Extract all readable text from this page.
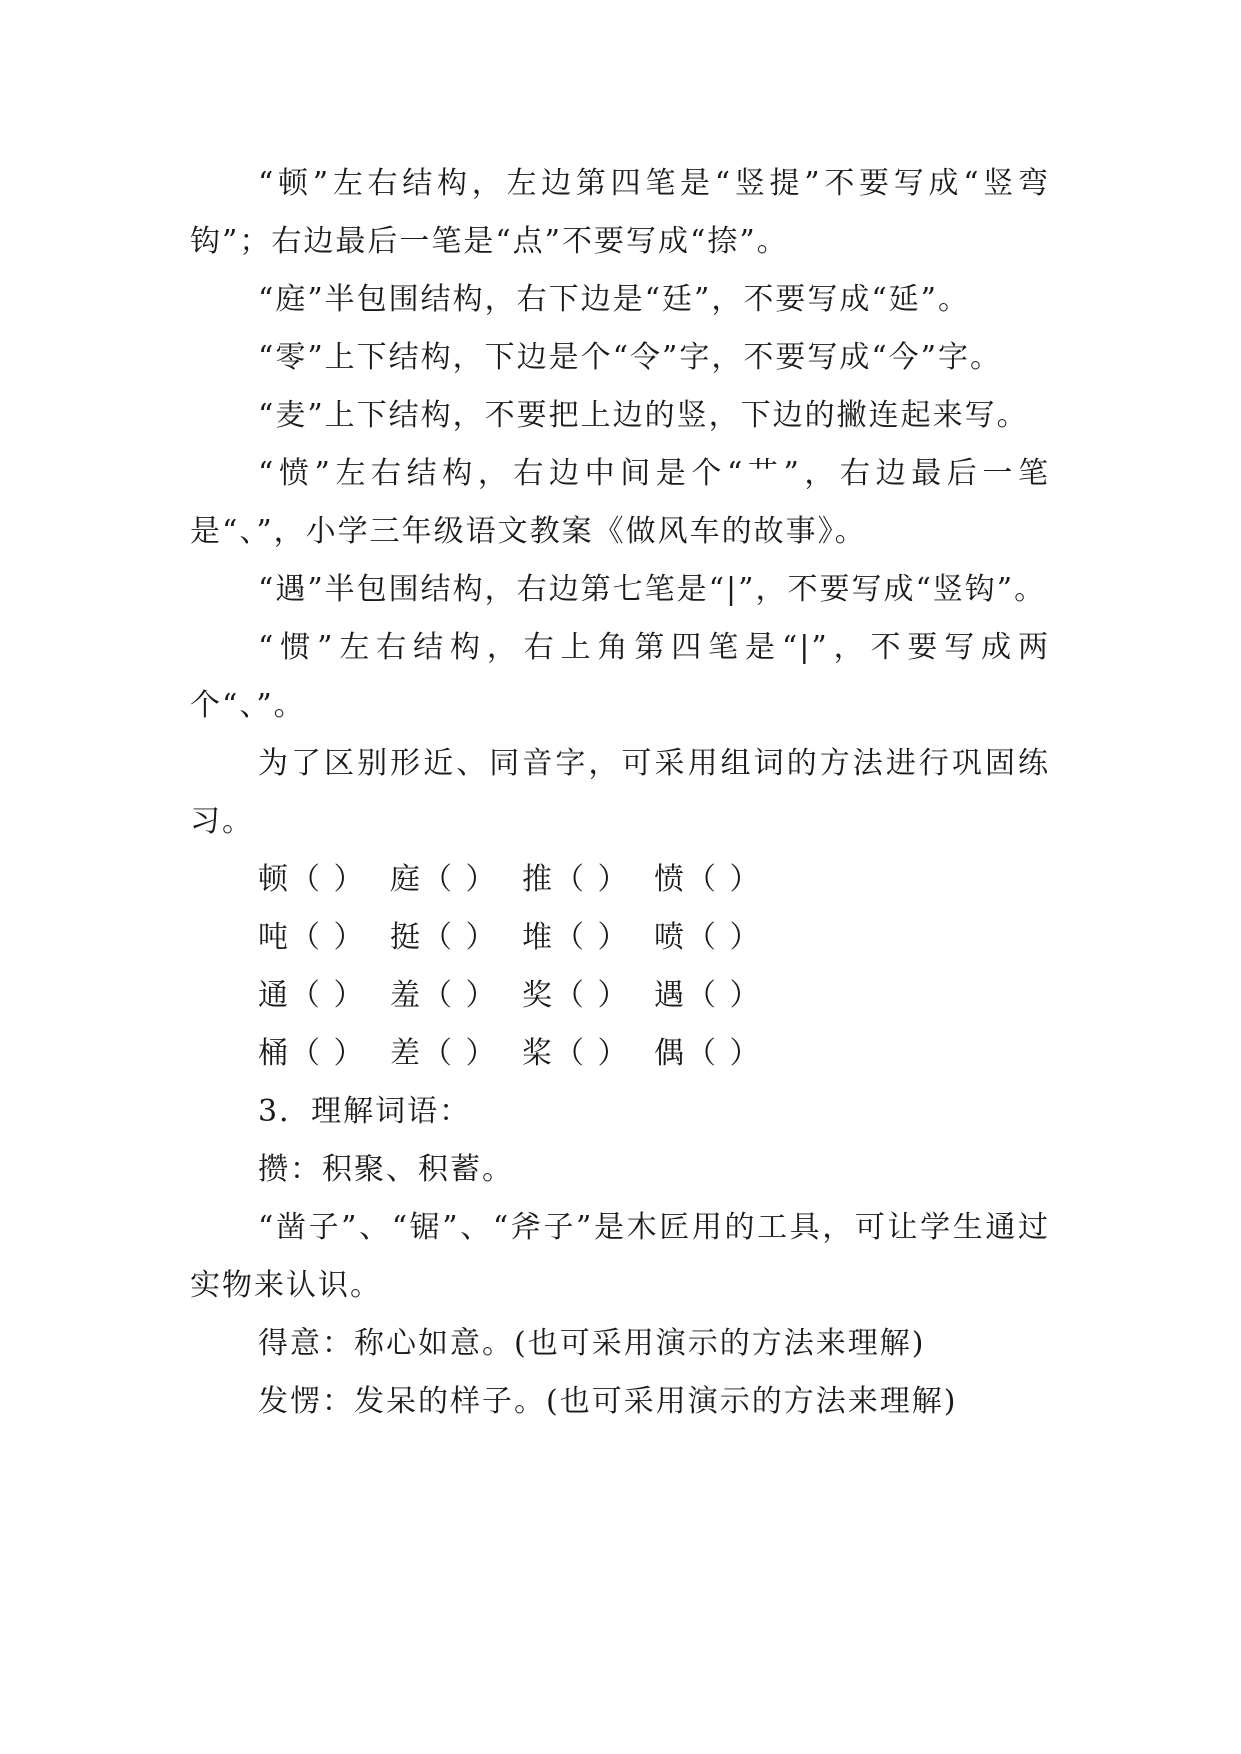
“顿”左右结构，左边第四笔是“竖提”不要写成“竖弯钩”；右边最后一笔是“点”不要写成“捺”。

“庭”半包围结构，右下边是“廷”，不要写成“延”。

“零”上下结构，下边是个“令”字，不要写成“今”字。

“麦”上下结构，不要把上边的竖，下边的撇连起来写。

“愤”左右结构，右边中间是个“艹”，右边最后一笔是“、”，小学三年级语文教案《做风车的故事》。

“遇”半包围结构，右边第七笔是“|”，不要写成“竖钩”。

“惯”左右结构，右上角第四笔是“|”，不要写成两个“、”。

为了区别形近、同音字，可采用组词的方法进行巩固练习。

顿（ ） 庭（ ） 推（ ） 愤（ ）
吨（ ） 挺（ ） 堆（ ） 喷（ ）
通（ ） 羞（ ） 奖（ ） 遇（ ）
桶（ ） 差（ ） 桨（ ） 偶（ ）

3．理解词语：

攒：积聚、积蓄。

“凿子”、“锯”、“斧子”是木匠用的工具，可让学生通过实物来认识。

得意：称心如意。(也可采用演示的方法来理解)

发愣：发呆的样子。(也可采用演示的方法来理解)
